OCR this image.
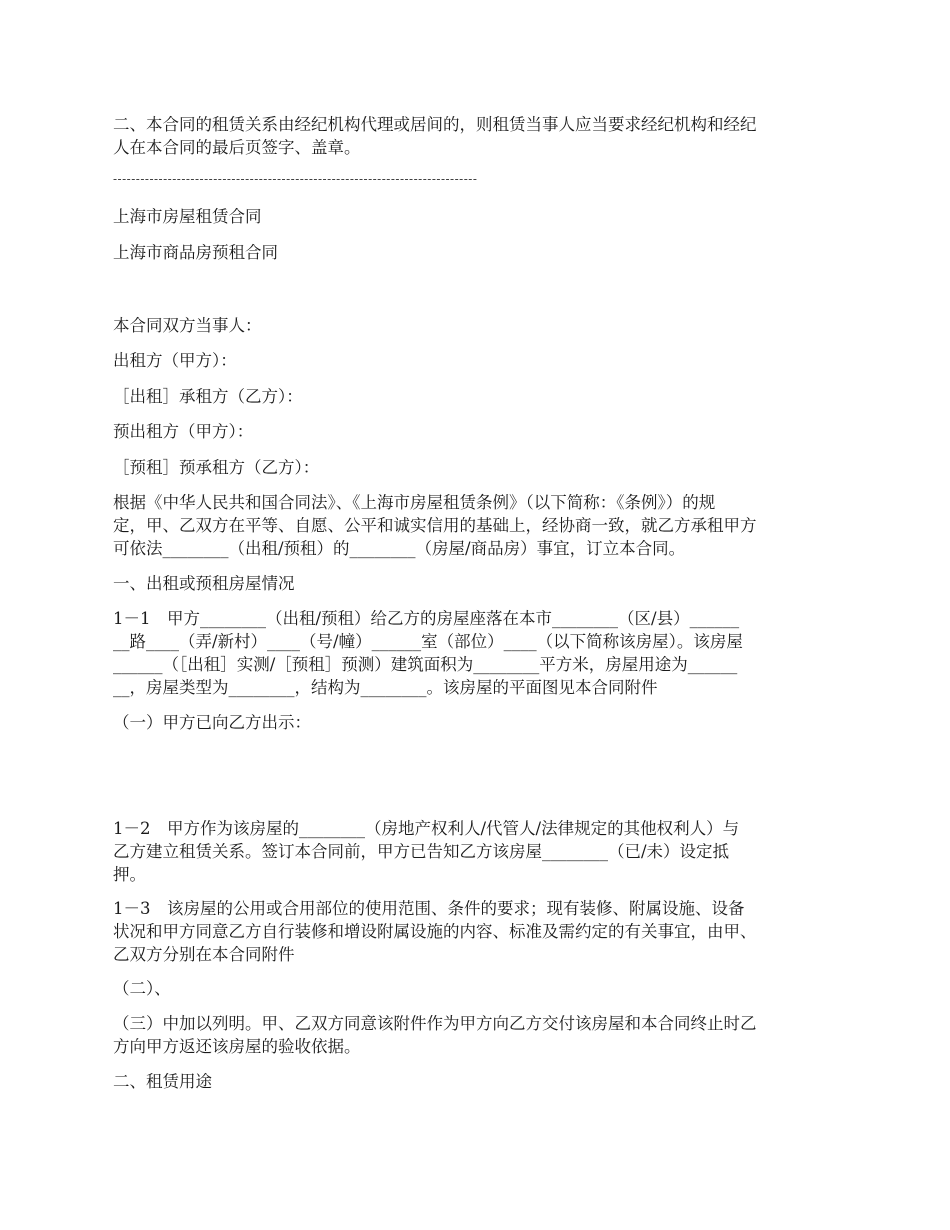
二、本合同的租赁关系由经纪机构代理或居间的，则租赁当事人应当要求经纪机构和经纪
人在本合同的最后页签字、盖章。
--------------------------------------------------------------------------------
上海市房屋租赁合同
上海市商品房预租合同
本合同双方当事人：
出租方（甲方）：
［出租］承租方（乙方）：
预出租方（甲方）：
［预租］预承租方（乙方）：
根据《中华人民共和国合同法》、《上海市房屋租赁条例》（以下简称：《条例》）的规
定，甲、乙双方在平等、自愿、公平和诚实信用的基础上，经协商一致，就乙方承租甲方
可依法________（出租/预租）的________（房屋/商品房）事宜，订立本合同。
一、出租或预租房屋情况
1－1　甲方________（出租/预租）给乙方的房屋座落在本市________（区/县）______
__路____（弄/新村）____（号/幢）______室（部位）____（以下简称该房屋）。该房屋
______（［出租］实测/［预租］预测）建筑面积为________平方米，房屋用途为______
__，房屋类型为________，结构为________。该房屋的平面图见本合同附件
（一）甲方已向乙方出示：
1－2　甲方作为该房屋的________（房地产权利人/代管人/法律规定的其他权利人）与
乙方建立租赁关系。签订本合同前，甲方已告知乙方该房屋________（已/未）设定抵
押。
1－3　该房屋的公用或合用部位的使用范围、条件的要求；现有装修、附属设施、设备
状况和甲方同意乙方自行装修和增设附属设施的内容、标准及需约定的有关事宜，由甲、
乙双方分别在本合同附件
（二）、
（三）中加以列明。甲、乙双方同意该附件作为甲方向乙方交付该房屋和本合同终止时乙
方向甲方返还该房屋的验收依据。
二、租赁用途
